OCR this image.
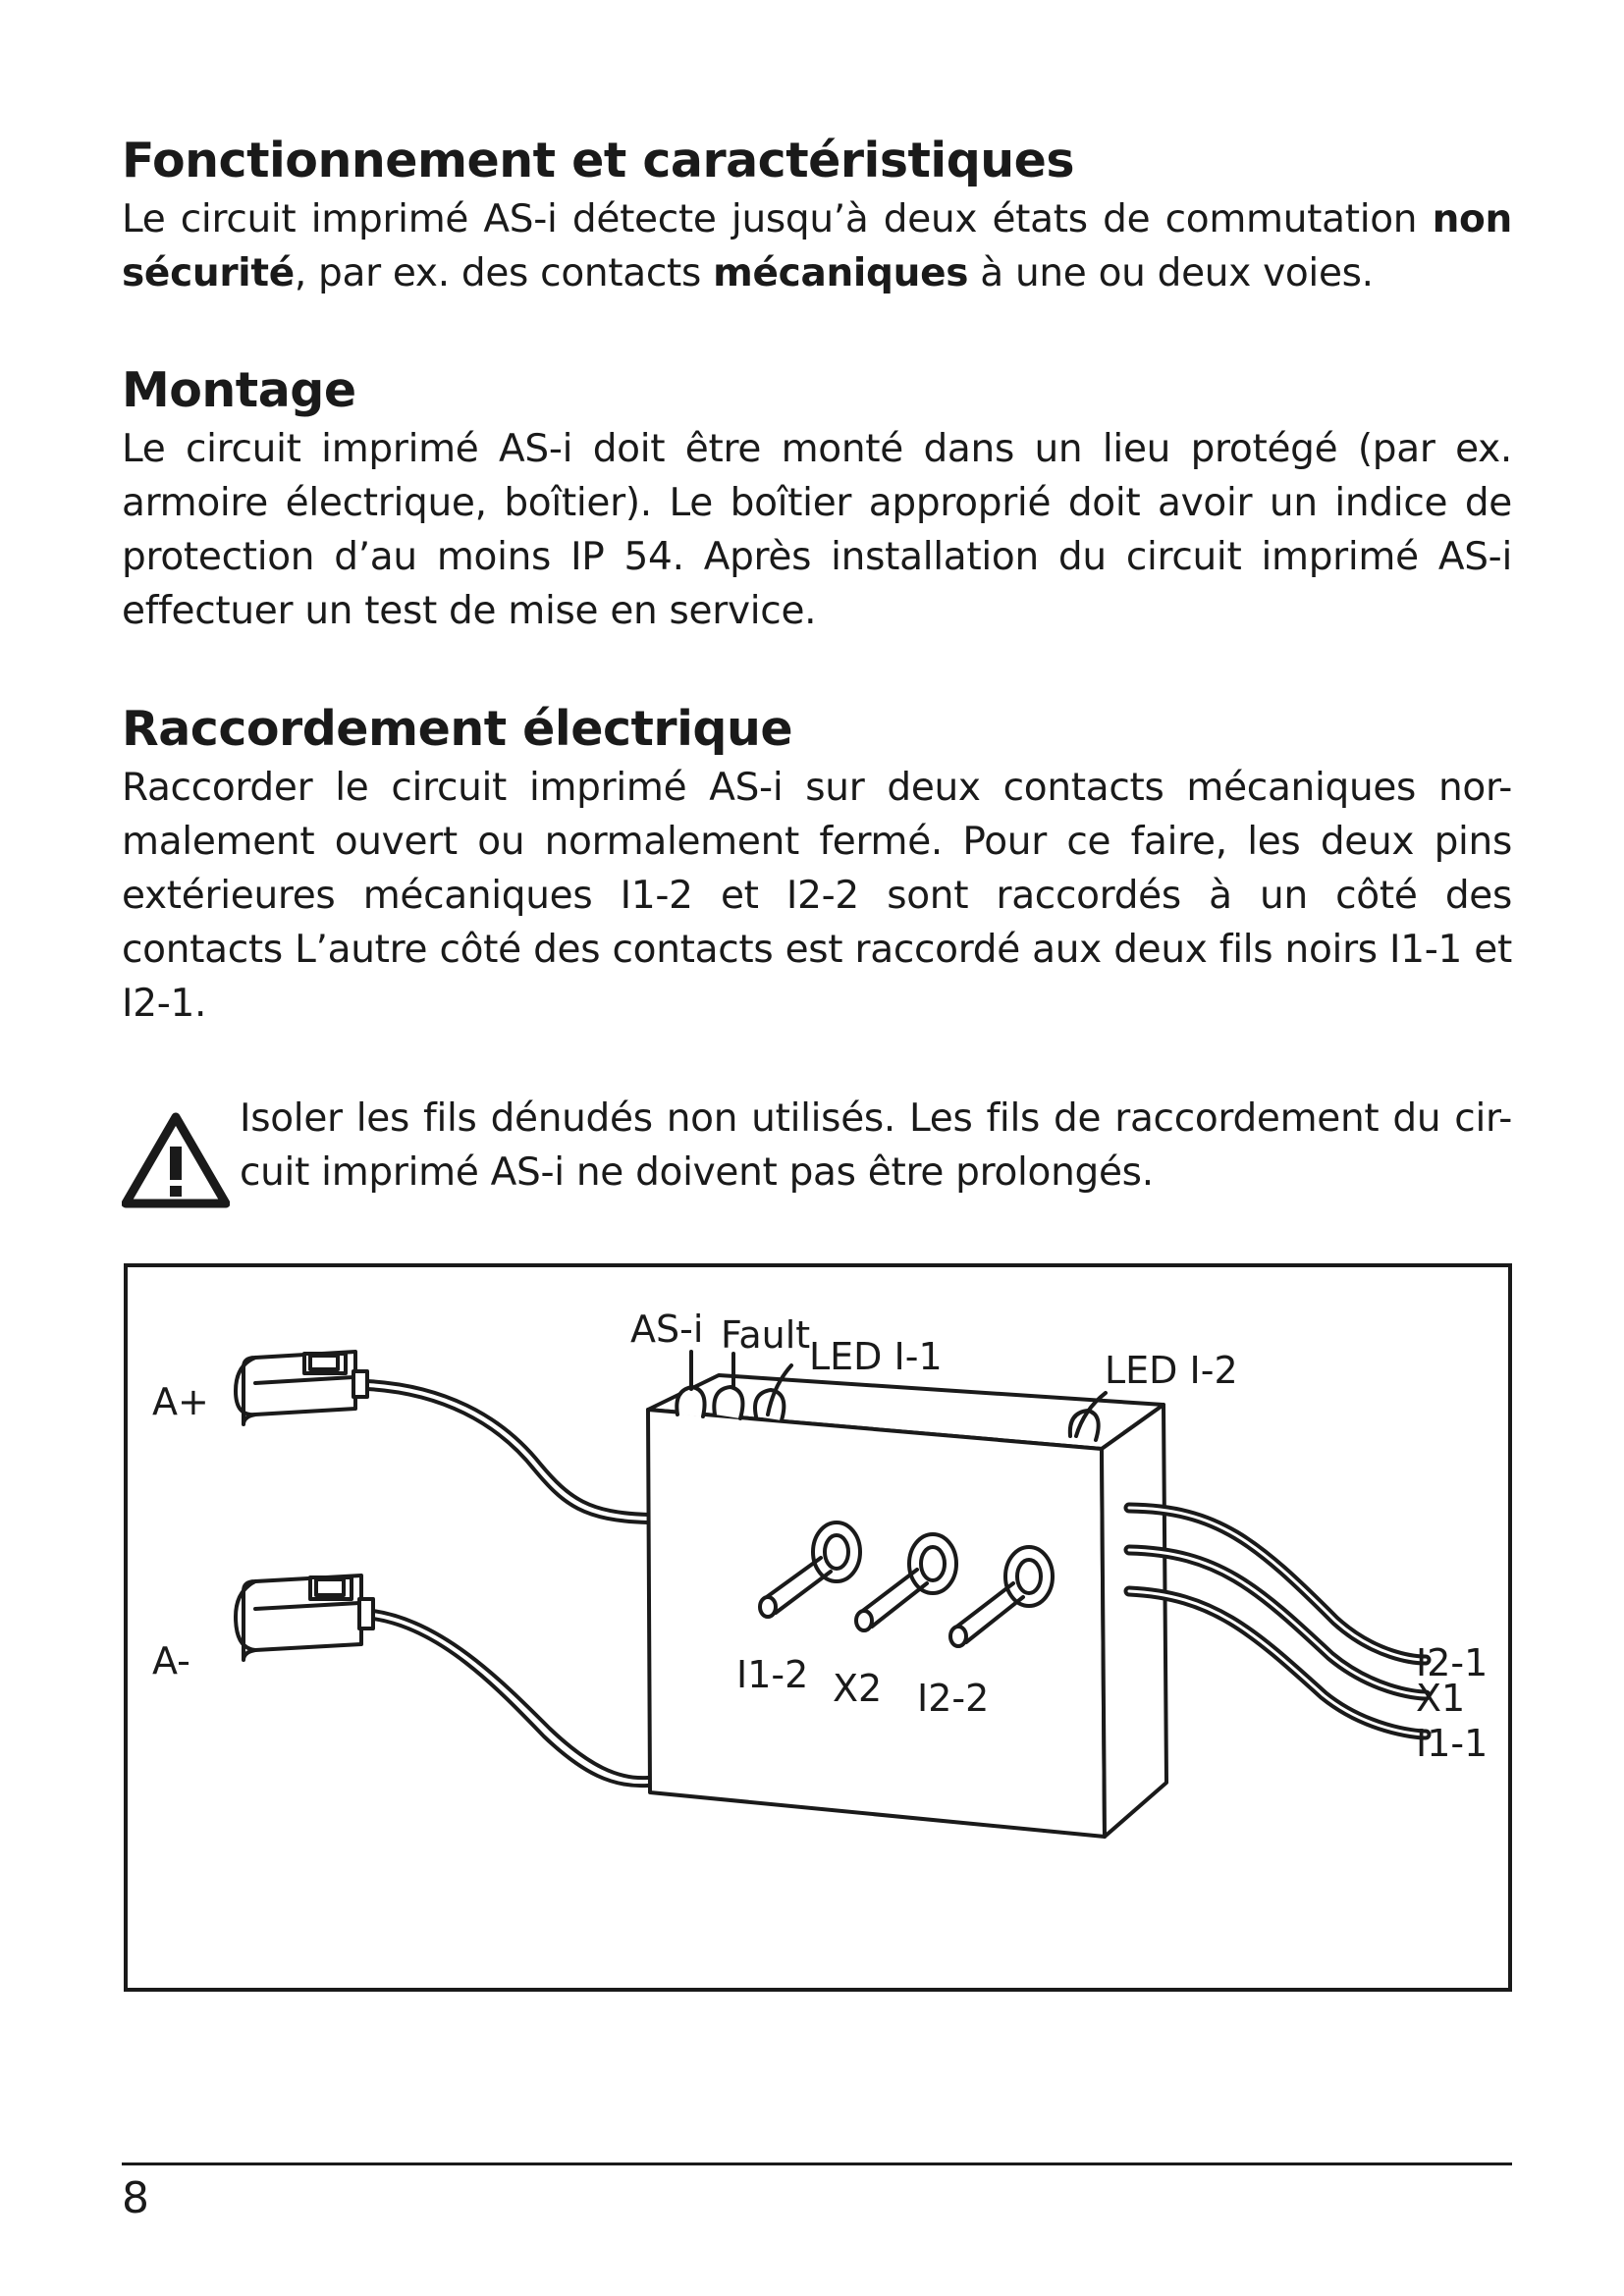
Fonctionnement et caractéristiques

Le circuit imprimé AS-i détecte jusqu’à deux états de commutation non sécurité, par ex. des contacts mécaniques à une ou deux voies.

Montage

Le circuit imprimé AS-i doit être monté dans un lieu protégé (par ex. armoire électrique, boîtier). Le boîtier approprié doit avoir un indice de protection d’au moins IP 54. Après installation du circuit imprimé AS-i effectuer un test de mise en service.

Raccordement électrique

Raccorder le circuit imprimé AS-i sur deux contacts mécaniques nor-malement ouvert ou normalement fermé. Pour ce faire, les deux pins extérieures mécaniques I1-2 et I2-2 sont raccordés à un côté des contacts L’autre côté des contacts est raccordé aux deux fils noirs I1-1 et I2-1.

Isoler les fils dénudés non utilisés. Les fils de raccordement du cir-cuit imprimé AS-i ne doivent pas être prolongés.

A+
A-
AS-i Fault
LED I-1	LED I-2
I1-2 X2 I2-2
I2-1
X1
I1-1
8
